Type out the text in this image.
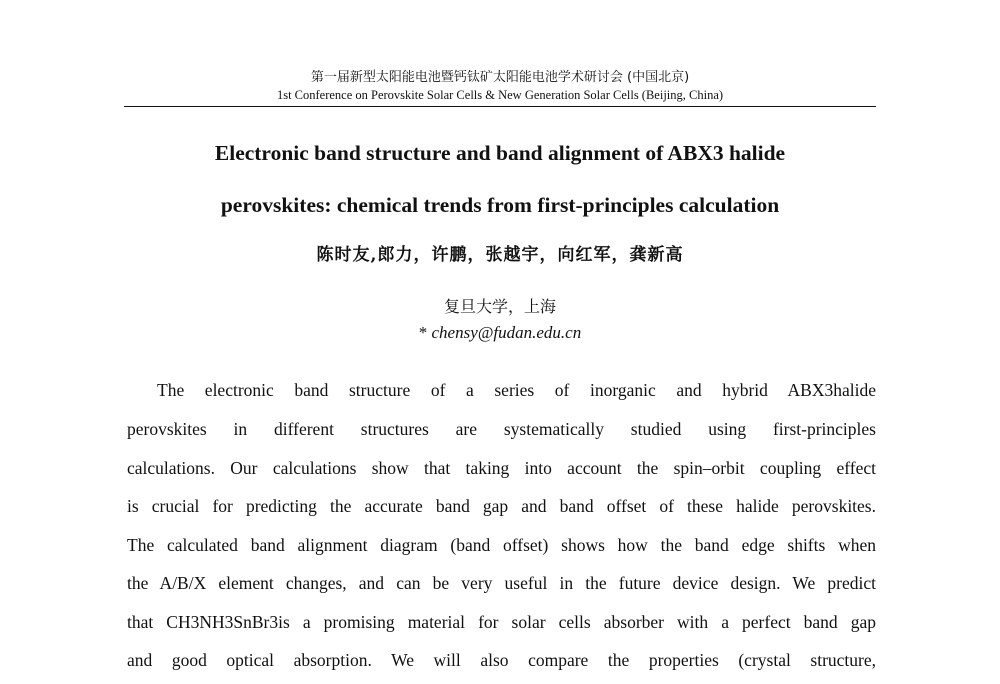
第一届新型太阳能电池暨钙钛矿太阳能电池学术研讨会 (中国北京)
1st Conference on Perovskite Solar Cells & New Generation Solar Cells (Beijing, China)
Electronic band structure and band alignment of ABX3 halide
perovskites: chemical trends from first-principles calculation
陈时友,郎力，许鹏，张越宇，向红军，龚新高
复旦大学，上海
* chensy@fudan.edu.cn
The electronic band structure of a series of inorganic and hybrid ABX3halide
perovskites in different structures are systematically studied using first-principles
calculations. Our calculations show that taking into account the spin–orbit coupling effect
is crucial for predicting the accurate band gap and band offset of these halide perovskites.
The calculated band alignment diagram (band offset) shows how the band edge shifts when
the A/B/X element changes, and can be very useful in the future device design. We predict
that CH3NH3SnBr3is a promising material for solar cells absorber with a perfect band gap
and good optical absorption. We will also compare the properties (crystal structure,
